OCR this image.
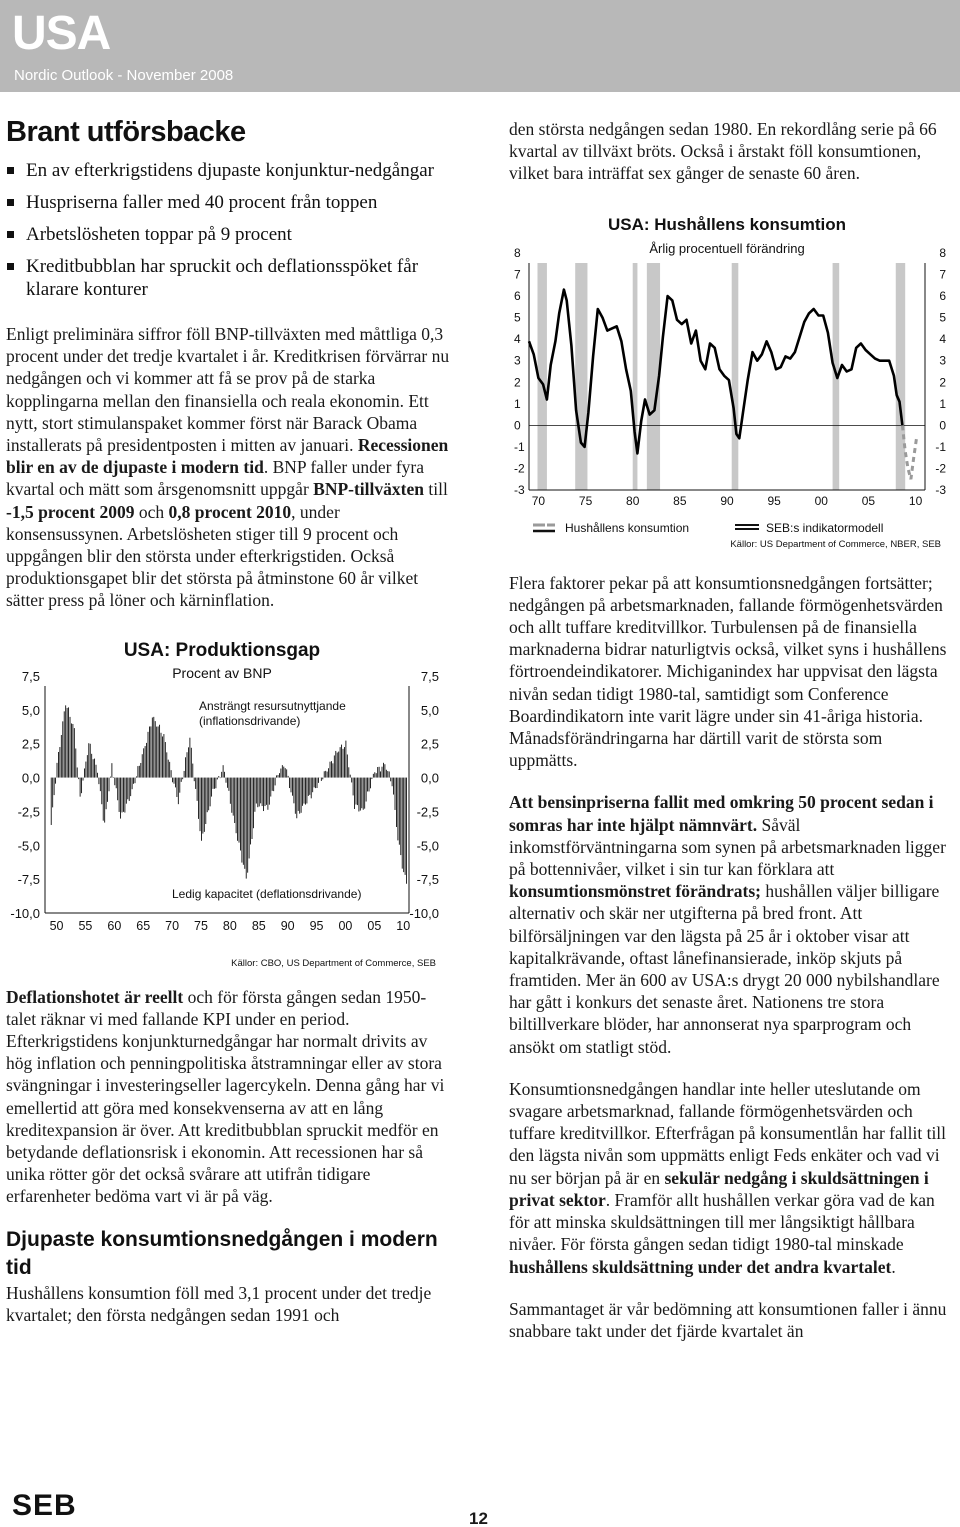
USA
Nordic Outlook - November 2008
Brant utförsbacke
En av efterkrigstidens djupaste konjunktur-nedgångar
Huspriserna faller med 40 procent från toppen
Arbetslösheten toppar på 9 procent
Kreditbubblan har spruckit och deflationsspöket får klarare konturer

Enligt preliminära siffror föll BNP-tillväxten med måttliga 0,3 procent under det tredje kvartalet i år. Kreditkrisen förvärrar nu nedgången och vi kommer att få se prov på de starka kopplingarna mellan den finansiella och reala ekonomin. Ett nytt, stort stimulanspaket kommer först när Barack Obama installerats på presidentposten i mitten av januari. Recessionen blir en av de djupaste i modern tid. BNP faller under fyra kvartal och mätt som årsgenomsnitt uppgår BNP-tillväxten till -1,5 procent 2009 och 0,8 procent 2010, under konsensussynen. Arbetslösheten stiger till 9 procent och uppgången blir den största under efterkrigstiden. Också produktionsgapet blir det största på åtminstone 60 år vilket sätter press på löner och kärninflation.

USA: Produktionsgap
Procent av BNP
7,5	7,5
5,0	5,0
2,5	2,5
0,0	0,0
-2,5	-2,5
-5,0	-5,0
-7,5	-7,5
-10,0	-10,0
50 55 60 65 70 75 80 85 90 95 00 05 10
Ansträngt resursutnyttjande
(inflationsdrivande)
Ledig kapacitet (deflationsdrivande)
Källor: CBO, US Department of Commerce, SEB

Deflationshotet är reellt och för första gången sedan 1950-talet räknar vi med fallande KPI under en period. Efterkrigstidens konjunkturnedgångar har normalt drivits av hög inflation och penningpolitiska åtstramningar eller av stora svängningar i investeringseller lagercykeln. Denna gång har vi emellertid att göra med konsekvenserna av att en lång kreditexpansion är över. Att kreditbubblan spruckit medför en betydande deflationsrisk i ekonomin. Att recessionen har så unika rötter gör det också svårare att utifrån tidigare erfarenheter bedöma vart vi är på väg.

Djupaste konsumtionsnedgången i modern tid

Hushållens konsumtion föll med 3,1 procent under det tredje kvartalet; den första nedgången sedan 1991 och

den största nedgången sedan 1980. En rekordlång serie på 66 kvartal av tillväxt bröts. Också i årstakt föll konsumtionen, vilket bara inträffat sex gånger de senaste 60 åren.

USA: Hushållens konsumtion
Årlig procentuell förändring
8	8
7	7
6	6
5	5
4	4
3	3
2	2
1	1
0	0
-1	-1
-2	-2
-3	-3
70	75	80	85	90	95	00	05	10
Hushållens konsumtion	SEB:s indikatormodell
Källor: US Department of Commerce, NBER, SEB

Flera faktorer pekar på att konsumtionsnedgången fortsätter; nedgången på arbetsmarknaden, fallande förmögenhetsvärden och allt tuffare kreditvillkor. Turbulensen på de finansiella marknaderna bidrar naturligtvis också, vilket syns i hushållens förtroendeindikatorer. Michiganindex har uppvisat den lägsta nivån sedan tidigt 1980-tal, samtidigt som Conference Boardindikatorn inte varit lägre under sin 41-åriga historia. Månadsförändringarna har därtill varit de största som uppmätts.

Att bensinpriserna fallit med omkring 50 procent sedan i somras har inte hjälpt nämnvärt. Såväl inkomstförväntningarna som synen på arbetsmarknaden ligger på bottennivåer, vilket i sin tur kan förklara att konsumtionsmönstret förändrats; hushållen väljer billigare alternativ och skär ner utgifterna på bred front. Att bilförsäljningen var den lägsta på 25 år i oktober visar att kapitalkrävande, oftast lånefinansierade, inköp skjuts på framtiden. Mer än 600 av USA:s drygt 20 000 nybilshandlare har gått i konkurs det senaste året. Nationens tre stora biltillverkare blöder, har annonserat nya sparprogram och ansökt om statligt stöd.

Konsumtionsnedgången handlar inte heller uteslutande om svagare arbetsmarknad, fallande förmögenhetsvärden och tuffare kreditvillkor. Efterfrågan på konsumentlån har fallit till den lägsta nivån som uppmätts enligt Feds enkäter och vad vi nu ser början på är en sekulär nedgång i skuldsättningen i privat sektor. Framför allt hushållen verkar göra vad de kan för att minska skuldsättningen till mer långsiktigt hållbara nivåer. För första gången sedan tidigt 1980-tal minskade hushållens skuldsättning under det andra kvartalet.

Sammantaget är vår bedömning att konsumtionen faller i ännu snabbare takt under det fjärde kvartalet än

SEB	12
